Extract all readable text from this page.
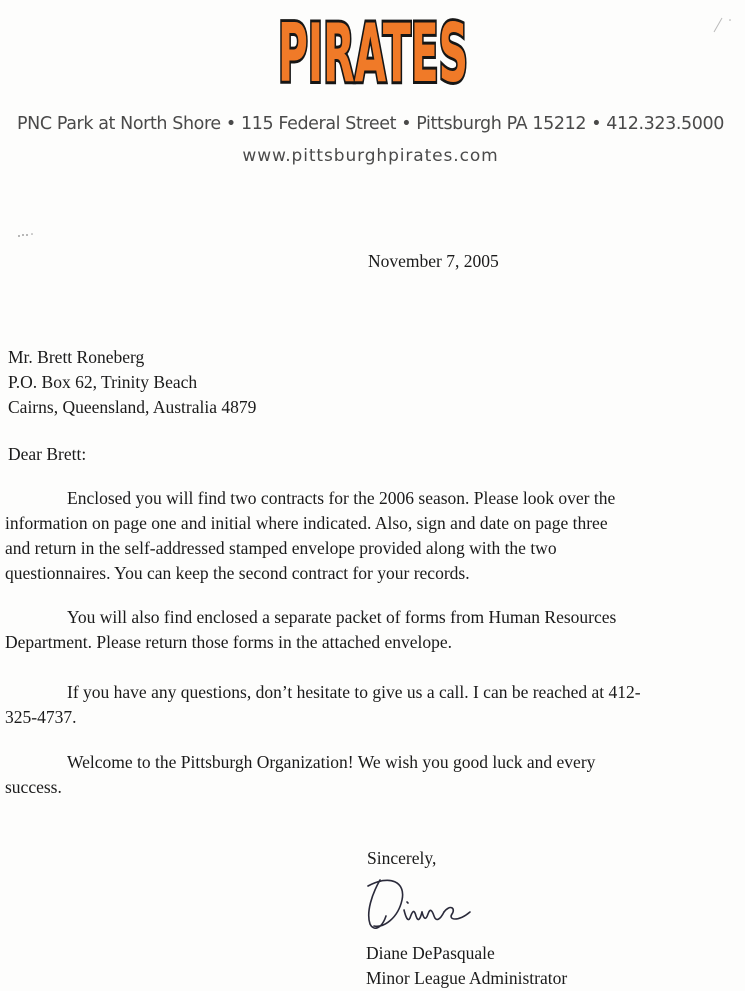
PIRATES
PNC Park at North Shore • 115 Federal Street • Pittsburgh PA 15212 • 412.323.5000
www.pittsburghpirates.com
November 7, 2005
Mr. Brett Roneberg
P.O. Box 62, Trinity Beach
Cairns, Queensland, Australia 4879
Dear Brett:
Enclosed you will find two contracts for the 2006 season. Please look over the
information on page one and initial where indicated. Also, sign and date on page three
and return in the self-addressed stamped envelope provided along with the two
questionnaires. You can keep the second contract for your records.
You will also find enclosed a separate packet of forms from Human Resources
Department. Please return those forms in the attached envelope.
If you have any questions, don’t hesitate to give us a call. I can be reached at 412-
325-4737.
Welcome to the Pittsburgh Organization! We wish you good luck and every
success.
Sincerely,
Diane DePasquale
Minor League Administrator
